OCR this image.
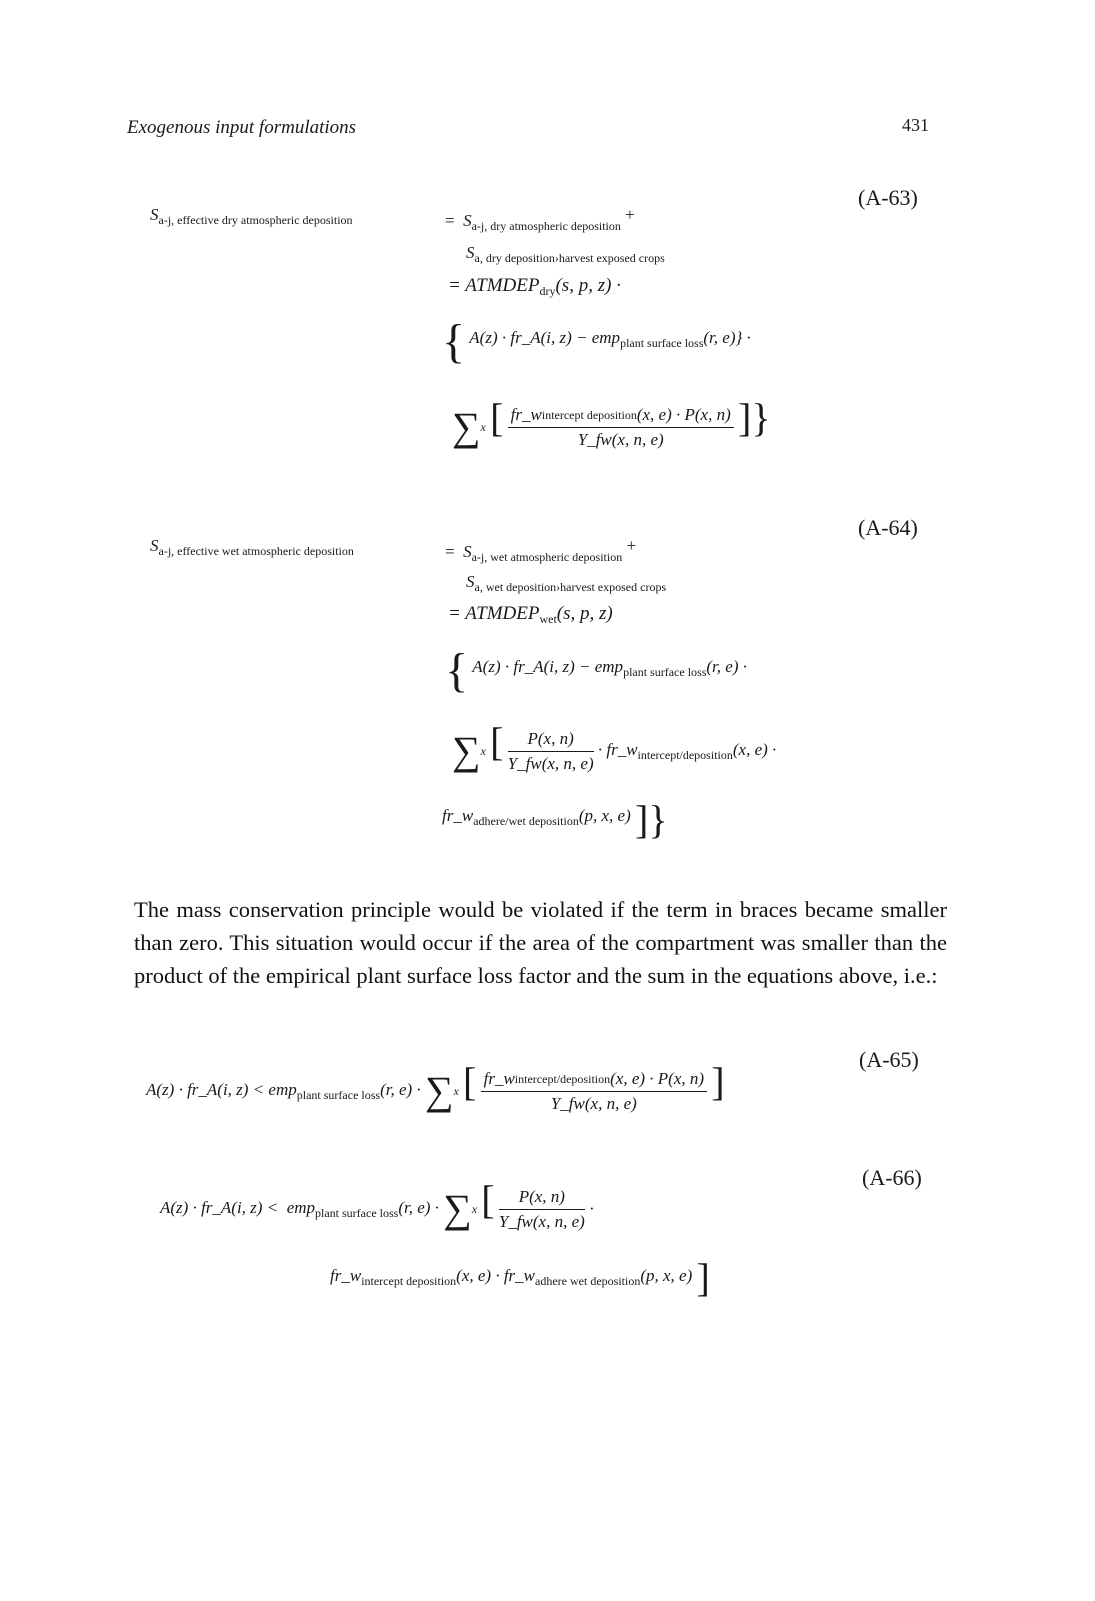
Exogenous input formulations	431
(A-63)
$S_{a-j, effective dry atmospheric deposition}$	= $S_{a-j, dry atmospheric deposition}$ +
$S_{a, dry deposition›harvest exposed crops}$
= $ATMDEP_{dry}(s$, p, z) ·
{ A(z) · fr_A(i, z) − emp$_{plant surface loss}$(r, e)} ·
∑x [ $\frac{\text{fr\_wintercept deposition(x, e) · P(x, n)}}{Y\_fw(x, n, e)}$ ]}
(A-64)
$S_{a-j, effective wet atmospheric deposition}$	= $S_{a-j, wet atmospheric deposition}$ +
$S_{a, wet deposition›harvest exposed crops}$
= $ATMDEP_{wet}(s$, p, z)
{ A(z) · fr_A(i, z) − emp$_{plant surface loss}$(r, e) ·
∑x [ $\frac{P(x, n)}{Y\_fw(x, n, e)}$ · $fr\_w_{intercept/deposition}(x$, e) ·
$fr\_w_{adhere/wet deposition}(p$, x, e) ]}
The mass conservation principle would be violated if the term in braces became smaller than zero. This situation would occur if the area of the compartment was smaller than the product of the empirical plant surface loss factor and the sum in the equations above, i.e.:
(A-65)
A(z) · fr_A(i, z) < emp$_{plant surface loss}$(r, e) · ∑x [ $\frac{\text{fr\_wintercept/deposition(x, e) · P(x, n)}}{Y\_fw(x, n, e)}$ ]
(A-66)
A(z) · fr_A(i, z) < emp$_{plant surface loss}$(r, e) · ∑x [ $\frac{P(x, n)}{Y\_fw(x, n, e)}$ ·
$fr\_w_{intercept deposition}(x$, $e) \cdot fr\_w_{adhere wet deposition}(p$, x, e) ]
